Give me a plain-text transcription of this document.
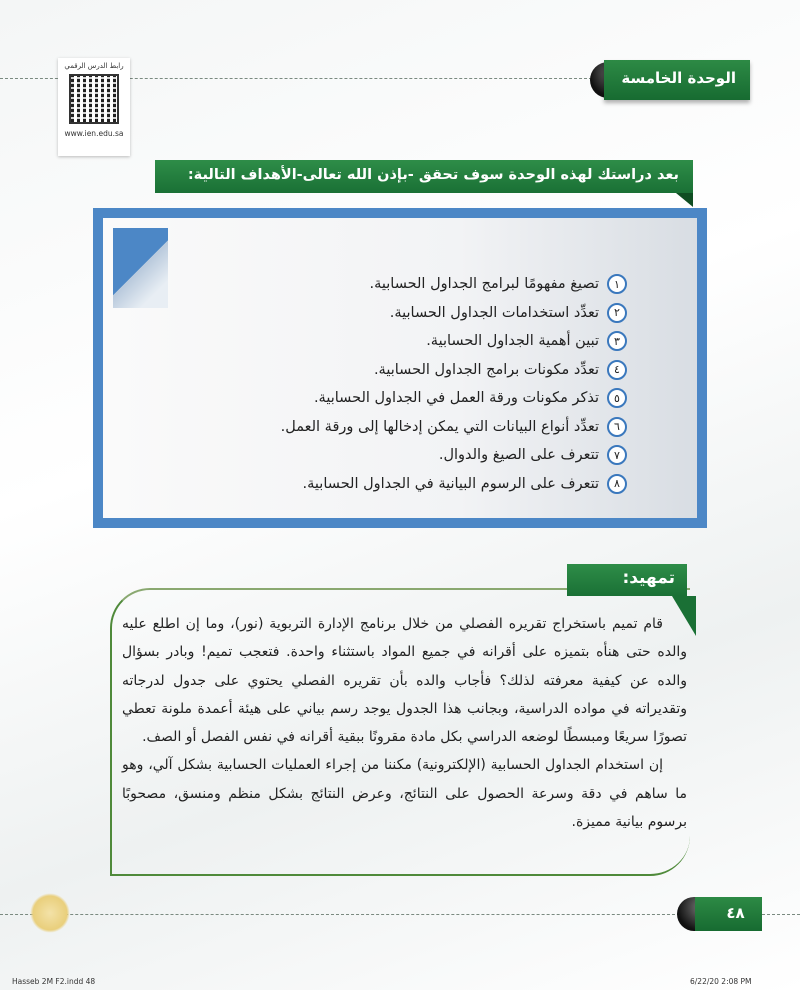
الوحدة الخامسة
رابط الدرس الرقمي
www.ien.edu.sa
بعد دراستك لهذه الوحدة سوف تحقق -بإذن الله تعالى-الأهداف التالية:
١
تصيغ مفهومًا لبرامج الجداول الحسابية.
٢
تعدِّد استخدامات الجداول الحسابية.
٣
تبين أهمية الجداول الحسابية.
٤
تعدِّد مكونات برامج الجداول الحسابية.
٥
تذكر مكونات ورقة العمل في الجداول الحسابية.
٦
تعدِّد أنواع البيانات التي يمكن إدخالها إلى ورقة العمل.
٧
تتعرف على الصيغ والدوال.
٨
تتعرف على الرسوم البيانية في الجداول الحسابية.
تمهيد:

قام تميم باستخراج تقريره الفصلي من خلال برنامج الإدارة التربوية (نور)، وما إن اطلع عليه والده حتى هنأه بتميزه على أقرانه في جميع المواد باستثناء واحدة. فتعجب تميم! وبادر بسؤال والده عن كيفية معرفته لذلك؟ فأجاب والده بأن تقريره الفصلي يحتوي على جدول لدرجاته وتقديراته في مواده الدراسية، وبجانب هذا الجدول يوجد رسم بياني على هيئة أعمدة ملونة تعطي تصورًا سريعًا ومبسطًا لوضعه الدراسي بكل مادة مقرونًا ببقية أقرانه في نفس الفصل أو الصف.

إن استخدام الجداول الحسابية (الإلكترونية) مكننا من إجراء العمليات الحسابية بشكل آلي، وهو ما ساهم في دقة وسرعة الحصول على النتائج، وعرض النتائج بشكل منظم ومنسق، مصحوبًا برسوم بيانية مميزة.

٤٨
Hasseb 2M F2.indd 48	6/22/20 2:08 PM
